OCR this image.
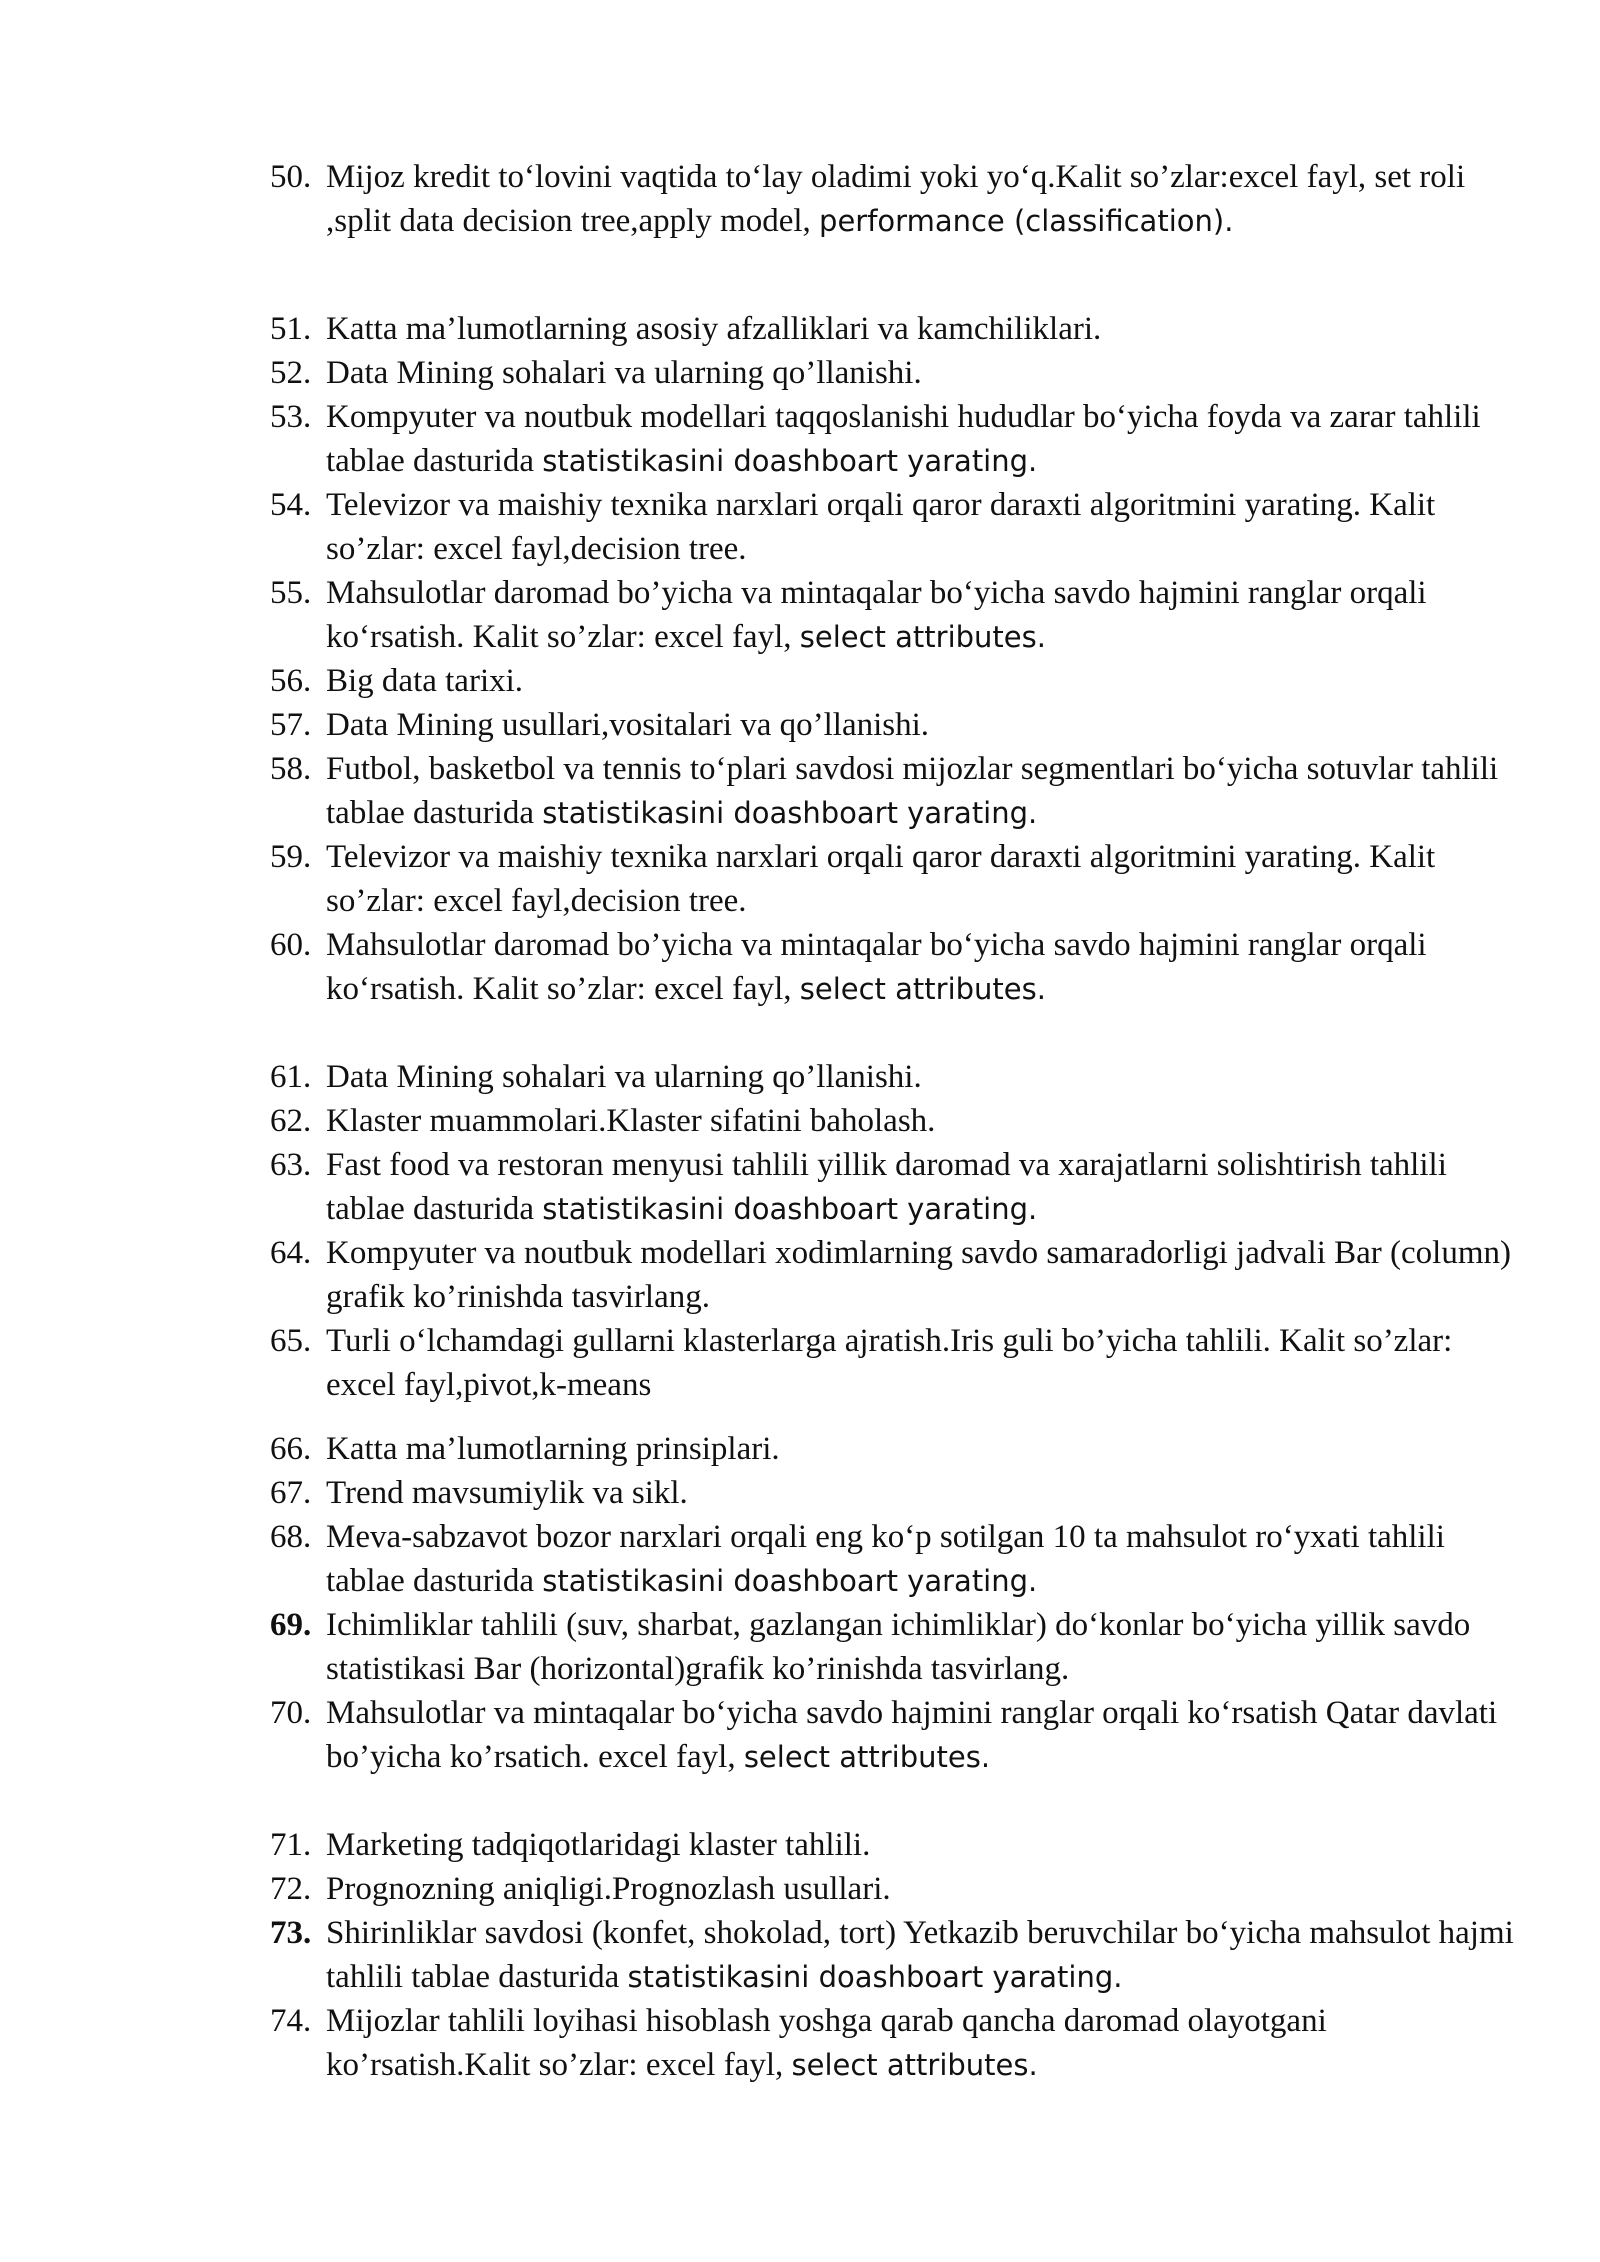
50. Mijoz kredit to‘lovini vaqtida to‘lay oladimi yoki yo‘q.Kalit so’zlar:excel fayl, set roli ,split data decision tree,apply model, performance (classification).
51. Katta ma’lumotlarning asosiy afzalliklari va kamchiliklari.
52. Data Mining sohalari va ularning qo’llanishi.
53. Kompyuter va noutbuk modellari taqqoslanishi hududlar bo‘yicha foyda va zarar tahlili tablae dasturida statistikasini doashboart yarating.
54. Televizor va maishiy texnika narxlari orqali qaror daraxti algoritmini yarating. Kalit so’zlar: excel fayl,decision tree.
55. Mahsulotlar daromad bo’yicha va mintaqalar bo‘yicha savdo hajmini ranglar orqali ko‘rsatish. Kalit so’zlar: excel fayl, select attributes.
56. Big data tarixi.
57. Data Mining usullari,vositalari va qo’llanishi.
58. Futbol, basketbol va tennis to‘plari savdosi mijozlar segmentlari bo‘yicha sotuvlar tahlili tablae dasturida statistikasini doashboart yarating.
59. Televizor va maishiy texnika narxlari orqali qaror daraxti algoritmini yarating. Kalit so’zlar: excel fayl,decision tree.
60. Mahsulotlar daromad bo’yicha va mintaqalar bo‘yicha savdo hajmini ranglar orqali ko‘rsatish. Kalit so’zlar: excel fayl, select attributes.
61. Data Mining sohalari va ularning qo’llanishi.
62. Klaster muammolari.Klaster sifatini baholash.
63. Fast food va restoran menyusi tahlili yillik daromad va xarajatlarni solishtirish tahlili tablae dasturida statistikasini doashboart yarating.
64. Kompyuter va noutbuk modellari xodimlarning savdo samaradorligi jadvali Bar (column) grafik ko’rinishda tasvirlang.
65. Turli o‘lchamdagi gullarni klasterlarga ajratish.Iris guli bo’yicha tahlili. Kalit so’zlar: excel fayl,pivot,k-means
66. Katta ma’lumotlarning prinsiplari.
67. Trend mavsumiylik va sikl.
68. Meva-sabzavot bozor narxlari orqali eng ko‘p sotilgan 10 ta mahsulot ro‘yxati tahlili tablae dasturida statistikasini doashboart yarating.
69. Ichimliklar tahlili (suv, sharbat, gazlangan ichimliklar) do‘konlar bo‘yicha yillik savdo statistikasi Bar (horizontal)grafik ko’rinishda tasvirlang.
70. Mahsulotlar va mintaqalar bo‘yicha savdo hajmini ranglar orqali ko‘rsatish Qatar davlati bo’yicha ko’rsatich. excel fayl, select attributes.
71. Marketing tadqiqotlaridagi klaster tahlili.
72. Prognozning aniqligi.Prognozlash usullari.
73. Shirinliklar savdosi (konfet, shokolad, tort) Yetkazib beruvchilar bo‘yicha mahsulot hajmi tahlili tablae dasturida statistikasini doashboart yarating.
74. Mijozlar tahlili loyihasi hisoblash yoshga qarab qancha daromad olayotgani ko’rsatish.Kalit so’zlar: excel fayl, select attributes.
